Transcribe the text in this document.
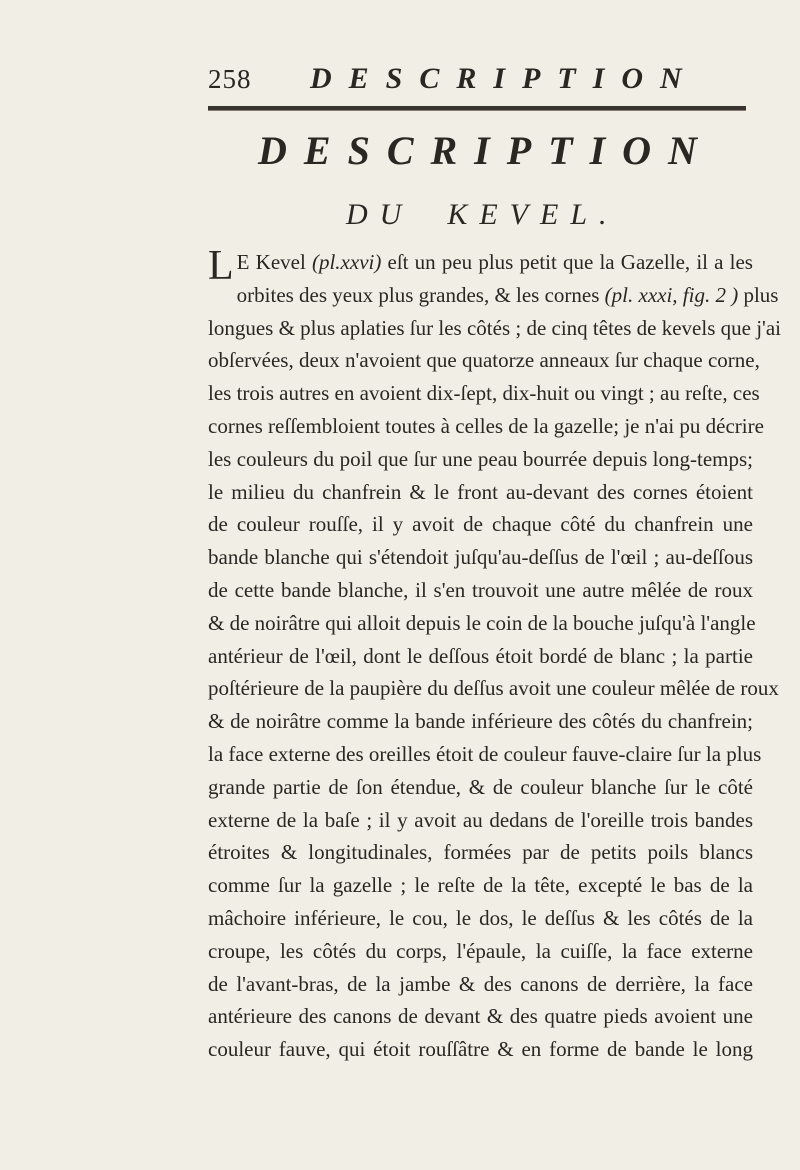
258 DESCRIPTION
DESCRIPTION
DU KEVEL.
L E Kevel (pl.xxvi) eſt un peu plus petit que la Gazelle, il a les
orbites des yeux plus grandes, & les cornes (pl. xxxi, fig. 2 ) plus
longues & plus aplaties ſur les côtés ; de cinq têtes de kevels que j'ai
obſervées, deux n'avoient que quatorze anneaux ſur chaque corne,
les trois autres en avoient dix-ſept, dix-huit ou vingt ; au reſte, ces
cornes reſſembloient toutes à celles de la gazelle; je n'ai pu décrire
les couleurs du poil que ſur une peau bourrée depuis long-temps;
le milieu du chanfrein & le front au-devant des cornes étoient
de couleur rouſſe, il y avoit de chaque côté du chanfrein une
bande blanche qui s'étendoit juſqu'au-deſſus de l'œil ; au-deſſous
de cette bande blanche, il s'en trouvoit une autre mêlée de roux
& de noirâtre qui alloit depuis le coin de la bouche juſqu'à l'angle
antérieur de l'œil, dont le deſſous étoit bordé de blanc ; la partie
poſtérieure de la paupière du deſſus avoit une couleur mêlée de roux
& de noirâtre comme la bande inférieure des côtés du chanfrein;
la face externe des oreilles étoit de couleur fauve-claire ſur la plus
grande partie de ſon étendue, & de couleur blanche ſur le côté
externe de la baſe ; il y avoit au dedans de l'oreille trois bandes
étroites & longitudinales, formées par de petits poils blancs
comme ſur la gazelle ; le reſte de la tête, excepté le bas de la
mâchoire inférieure, le cou, le dos, le deſſus & les côtés de la
croupe, les côtés du corps, l'épaule, la cuiſſe, la face externe
de l'avant-bras, de la jambe & des canons de derrière, la face
antérieure des canons de devant & des quatre pieds avoient une
couleur fauve, qui étoit rouſſâtre & en forme de bande le long
